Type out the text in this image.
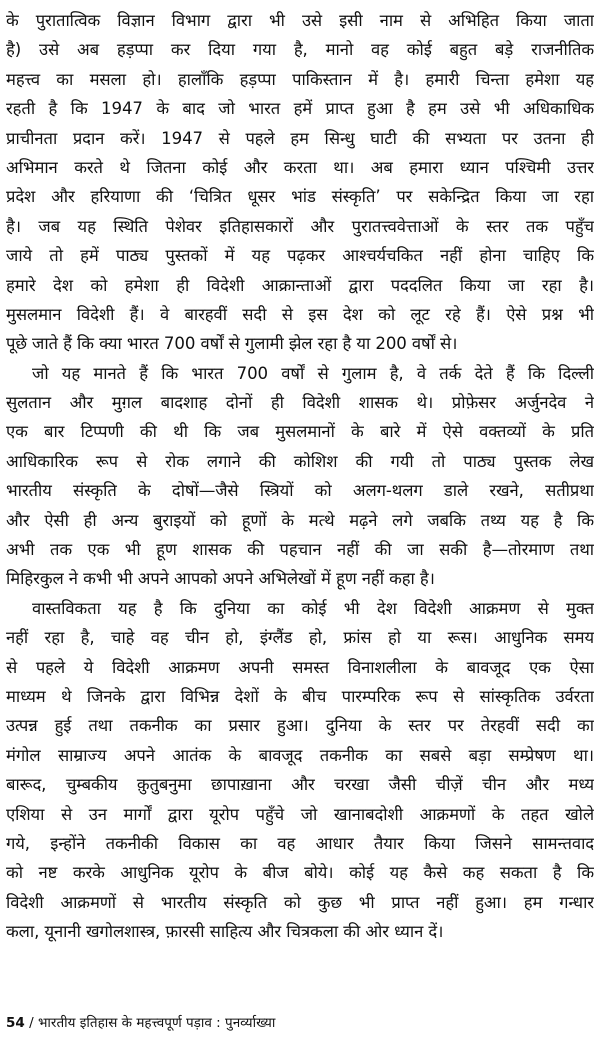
के पुरातात्विक विज्ञान विभाग द्वारा भी उसे इसी नाम से अभिहित किया जाता
है) उसे अब हड़प्पा कर दिया गया है, मानो वह कोई बहुत बड़े राजनीतिक
महत्त्व का मसला हो। हालाँकि हड़प्पा पाकिस्तान में है। हमारी चिन्ता हमेशा यह
रहती है कि 1947 के बाद जो भारत हमें प्राप्त हुआ है हम उसे भी अधिकाधिक
प्राचीनता प्रदान करें। 1947 से पहले हम सिन्धु घाटी की सभ्यता पर उतना ही
अभिमान करते थे जितना कोई और करता था। अब हमारा ध्यान पश्चिमी उत्तर
प्रदेश और हरियाणा की ‘चित्रित धूसर भांड संस्कृति’ पर सकेन्द्रित किया जा रहा
है। जब यह स्थिति पेशेवर इतिहासकारों और पुरातत्त्ववेत्ताओं के स्तर तक पहुँच
जाये तो हमें पाठ्य पुस्तकों में यह पढ़कर आश्चर्यचकित नहीं होना चाहिए कि
हमारे देश को हमेशा ही विदेशी आक्रान्ताओं द्वारा पददलित किया जा रहा है।
मुसलमान विदेशी हैं। वे बारहवीं सदी से इस देश को लूट रहे हैं। ऐसे प्रश्न भी
पूछे जाते हैं कि क्या भारत 700 वर्षों से गुलामी झेल रहा है या 200 वर्षों से।
जो यह मानते हैं कि भारत 700 वर्षों से गुलाम है, वे तर्क देते हैं कि दिल्ली
सुलतान और मुग़ल बादशाह दोनों ही विदेशी शासक थे। प्रोफ़ेसर अर्जुनदेव ने
एक बार टिप्पणी की थी कि जब मुसलमानों के बारे में ऐसे वक्तव्यों के प्रति
आधिकारिक रूप से रोक लगाने की कोशिश की गयी तो पाठ्य पुस्तक लेख
भारतीय संस्कृति के दोषों—जैसे स्त्रियों को अलग-थलग डाले रखने, सतीप्रथा
और ऐसी ही अन्य बुराइयों को हूणों के मत्थे मढ़ने लगे जबकि तथ्य यह है कि
अभी तक एक भी हूण शासक की पहचान नहीं की जा सकी है—तोरमाण तथा
मिहिरकुल ने कभी भी अपने आपको अपने अभिलेखों में हूण नहीं कहा है।
वास्तविकता यह है कि दुनिया का कोई भी देश विदेशी आक्रमण से मुक्त
नहीं रहा है, चाहे वह चीन हो, इंग्लैंड हो, फ्रांस हो या रूस। आधुनिक समय
से पहले ये विदेशी आक्रमण अपनी समस्त विनाशलीला के बावजूद एक ऐसा
माध्यम थे जिनके द्वारा विभिन्न देशों के बीच पारम्परिक रूप से सांस्कृतिक उर्वरता
उत्पन्न हुई तथा तकनीक का प्रसार हुआ। दुनिया के स्तर पर तेरहवीं सदी का
मंगोल साम्राज्य अपने आतंक के बावजूद तकनीक का सबसे बड़ा सम्प्रेषण था।
बारूद, चुम्बकीय क़ुतुबनुमा छापाख़ाना और चरखा जैसी चीज़ें चीन और मध्य
एशिया से उन मार्गों द्वारा यूरोप पहुँचे जो खानाबदोशी आक्रमणों के तहत खोले
गये, इन्होंने तकनीकी विकास का वह आधार तैयार किया जिसने सामन्तवाद
को नष्ट करके आधुनिक यूरोप के बीज बोये। कोई यह कैसे कह सकता है कि
विदेशी आक्रमणों से भारतीय संस्कृति को कुछ भी प्राप्त नहीं हुआ। हम गन्धार
कला, यूनानी खगोलशास्त्र, फ़ारसी साहित्य और चित्रकला की ओर ध्यान दें।
54 / भारतीय इतिहास के महत्त्वपूर्ण पड़ाव : पुनर्व्याख्या
